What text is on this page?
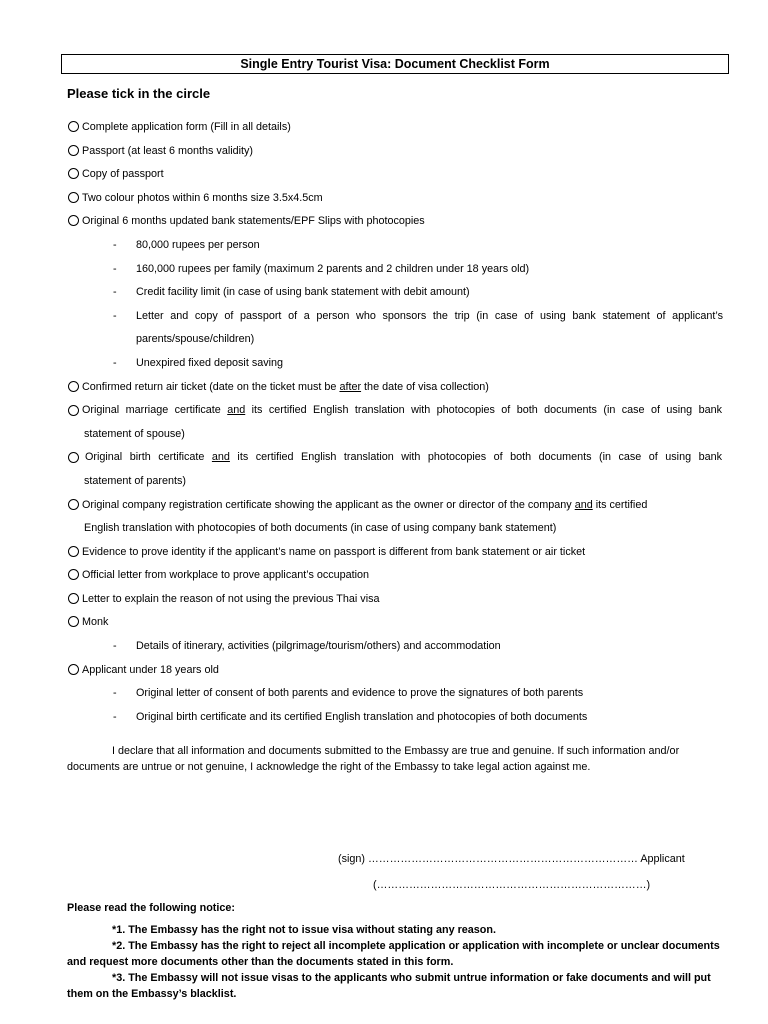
Single Entry Tourist Visa: Document Checklist Form
Please tick in the circle
Complete application form (Fill in all details)
Passport (at least 6 months validity)
Copy of passport
Two colour photos within 6 months size 3.5x4.5cm
Original 6 months updated bank statements/EPF Slips with photocopies
- 80,000 rupees per person
- 160,000 rupees per family (maximum 2 parents and 2 children under 18 years old)
- Credit facility limit (in case of using bank statement with debit amount)
-	Letter and copy of passport of a person who sponsors the trip (in case of using bank statement of applicant’s
parents/spouse/children)
- Unexpired fixed deposit saving
Confirmed return air ticket (date on the ticket must be after the date of visa collection)
Original marriage certificate and its certified English translation with photocopies of both documents (in case of using bank
statement of spouse)
Original birth certificate and its certified English translation with photocopies of both documents (in case of using bank
statement of parents)
Original company registration certificate showing the applicant as the owner or director of the company and its certified
English translation with photocopies of both documents (in case of using company bank statement)
Evidence to prove identity if the applicant’s name on passport is different from bank statement or air ticket
Official letter from workplace to prove applicant’s occupation
Letter to explain the reason of not using the previous Thai visa
Monk
- Details of itinerary, activities (pilgrimage/tourism/others) and accommodation
Applicant under 18 years old
- Original letter of consent of both parents and evidence to prove the signatures of both parents
- Original birth certificate and its certified English translation and photocopies of both documents
I declare that all information and documents submitted to the Embassy are true and genuine. If such information and/or documents are untrue or not genuine, I acknowledge the right of the Embassy to take legal action against me.
(sign) ………………………………………………………………… Applicant
(…………………………………………………………………)
Please read the following notice:

*1. The Embassy has the right not to issue visa without stating any reason.

*2. The Embassy has the right to reject all incomplete application or application with incomplete or unclear documents and request more documents other than the documents stated in this form.

*3. The Embassy will not issue visas to the applicants who submit untrue information or fake documents and will put them on the Embassy’s blacklist.
